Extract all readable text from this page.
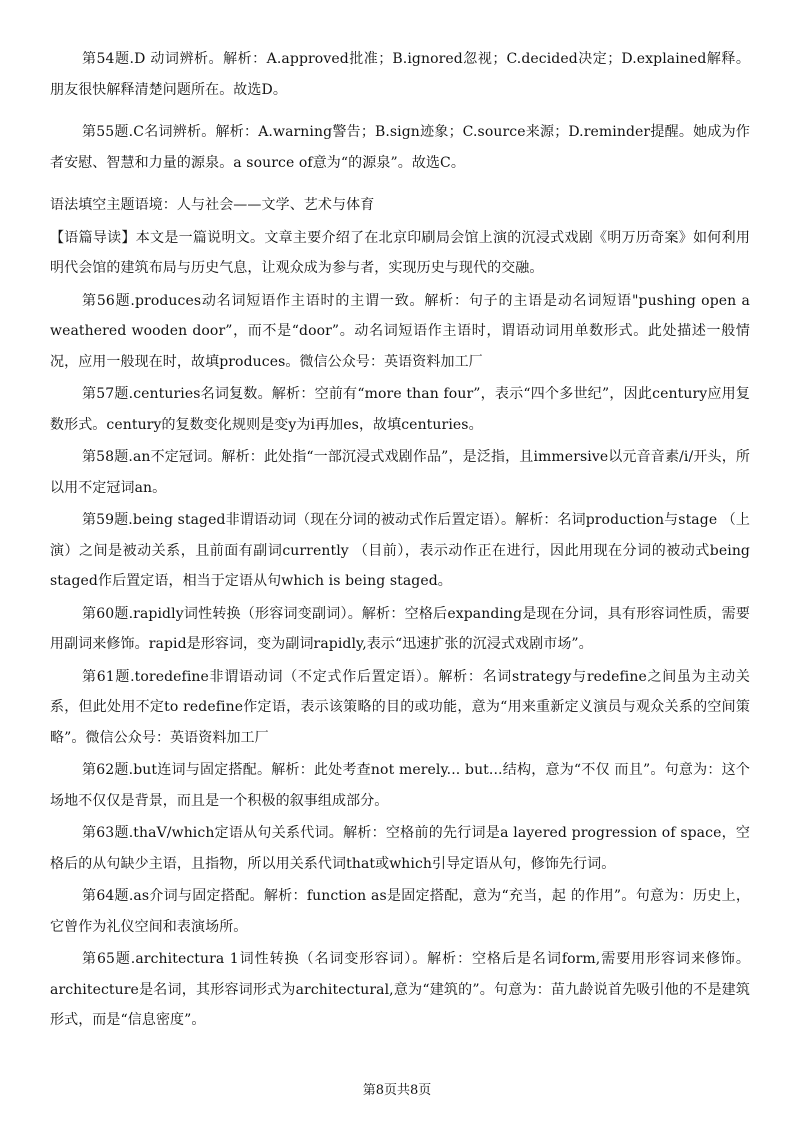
第54题.D 动词辨析。解析：A.approved批准；B.ignored忽视；C.decided决定；D.explained解释。朋友很快解释清楚问题所在。故选D。

第55题.C名词辨析。解析：A.warning警告；B.sign迹象；C.source来源；D.reminder提醒。她成为作者安慰、智慧和力量的源泉。a source of意为“的源泉”。故选C。

语法填空主题语境：人与社会——文学、艺术与体育

【语篇导读】本文是一篇说明文。文章主要介绍了在北京印刷局会馆上演的沉浸式戏剧《明万历奇案》如何利用明代会馆的建筑布局与历史气息，让观众成为参与者，实现历史与现代的交融。

第56题.produces动名词短语作主语时的主谓一致。解析：句子的主语是动名词短语"pushing open a weathered wooden door”，而不是“door”。动名词短语作主语时，谓语动词用单数形式。此处描述一般情况，应用一般现在时，故填produces。微信公众号：英语资料加工厂

第57题.centuries名词复数。解析：空前有“more than four”，表示“四个多世纪”，因此century应用复数形式。century的复数变化规则是变y为i再加es，故填centuries。

第58题.an不定冠词。解析：此处指“一部沉浸式戏剧作品”，是泛指，且immersive以元音音素/i/开头，所以用不定冠词an。

第59题.being staged非谓语动词（现在分词的被动式作后置定语）。解析：名词production与stage （上演）之间是被动关系，且前面有副词currently （目前），表示动作正在进行，因此用现在分词的被动式being staged作后置定语，相当于定语从句which is being staged。

第60题.rapidly词性转换（形容词变副词）。解析：空格后expanding是现在分词，具有形容词性质，需要用副词来修饰。rapid是形容词，变为副词rapidly,表示“迅速扩张的沉浸式戏剧市场”。

第61题.toredefine非谓语动词（不定式作后置定语）。解析：名词strategy与redefine之间虽为主动关系，但此处用不定to redefine作定语，表示该策略的目的或功能，意为“用来重新定义演员与观众关系的空间策略”。微信公众号：英语资料加工厂

第62题.but连词与固定搭配。解析：此处考查not merely... but...结构，意为“不仅 而且”。句意为：这个场地不仅仅是背景，而且是一个积极的叙事组成部分。

第63题.thaV/which定语从句关系代词。解析：空格前的先行词是a layered progression of space，空格后的从句缺少主语，且指物，所以用关系代词that或which引导定语从句，修饰先行词。

第64题.as介词与固定搭配。解析：function as是固定搭配，意为“充当，起 的作用”。句意为：历史上，它曾作为礼仪空间和表演场所。

第65题.architectura 1词性转换（名词变形容词）。解析：空格后是名词form,需要用形容词来修饰。architecture是名词，其形容词形式为architectural,意为“建筑的”。句意为：苗九龄说首先吸引他的不是建筑形式，而是“信息密度”。

第8页共8页
